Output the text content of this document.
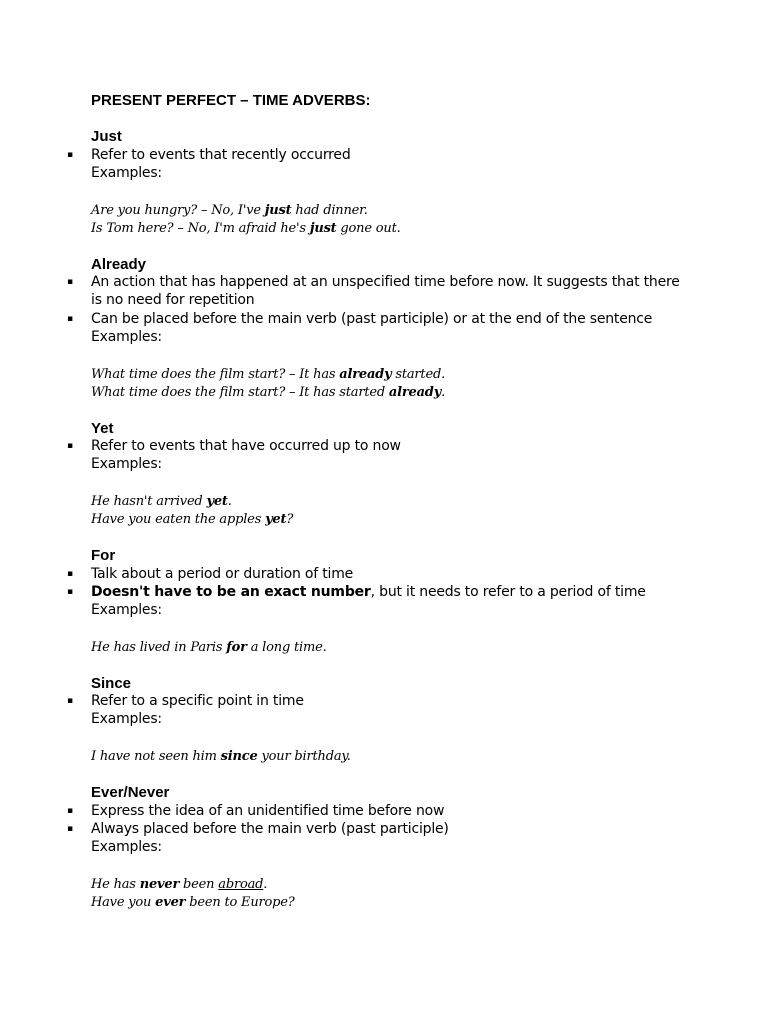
PRESENT PERFECT – TIME ADVERBS:
Just
▪ Refer to events that recently occurred
Examples:
Are you hungry? – No, I've just had dinner.
Is Tom here? – No, I'm afraid he's just gone out.
Already
▪ An action that has happened at an unspecified time before now. It suggests that there
is no need for repetition
▪ Can be placed before the main verb (past participle) or at the end of the sentence
Examples:
What time does the film start? – It has already started.
What time does the film start? – It has started already.
Yet
▪ Refer to events that have occurred up to now
Examples:
He hasn't arrived yet.
Have you eaten the apples yet?
For
▪ Talk about a period or duration of time
▪ Doesn't have to be an exact number, but it needs to refer to a period of time
Examples:
He has lived in Paris for a long time.
Since
▪ Refer to a specific point in time
Examples:
I have not seen him since your birthday.
Ever/Never
▪ Express the idea of an unidentified time before now
▪ Always placed before the main verb (past participle)
Examples:
He has never been abroad.
Have you ever been to Europe?
